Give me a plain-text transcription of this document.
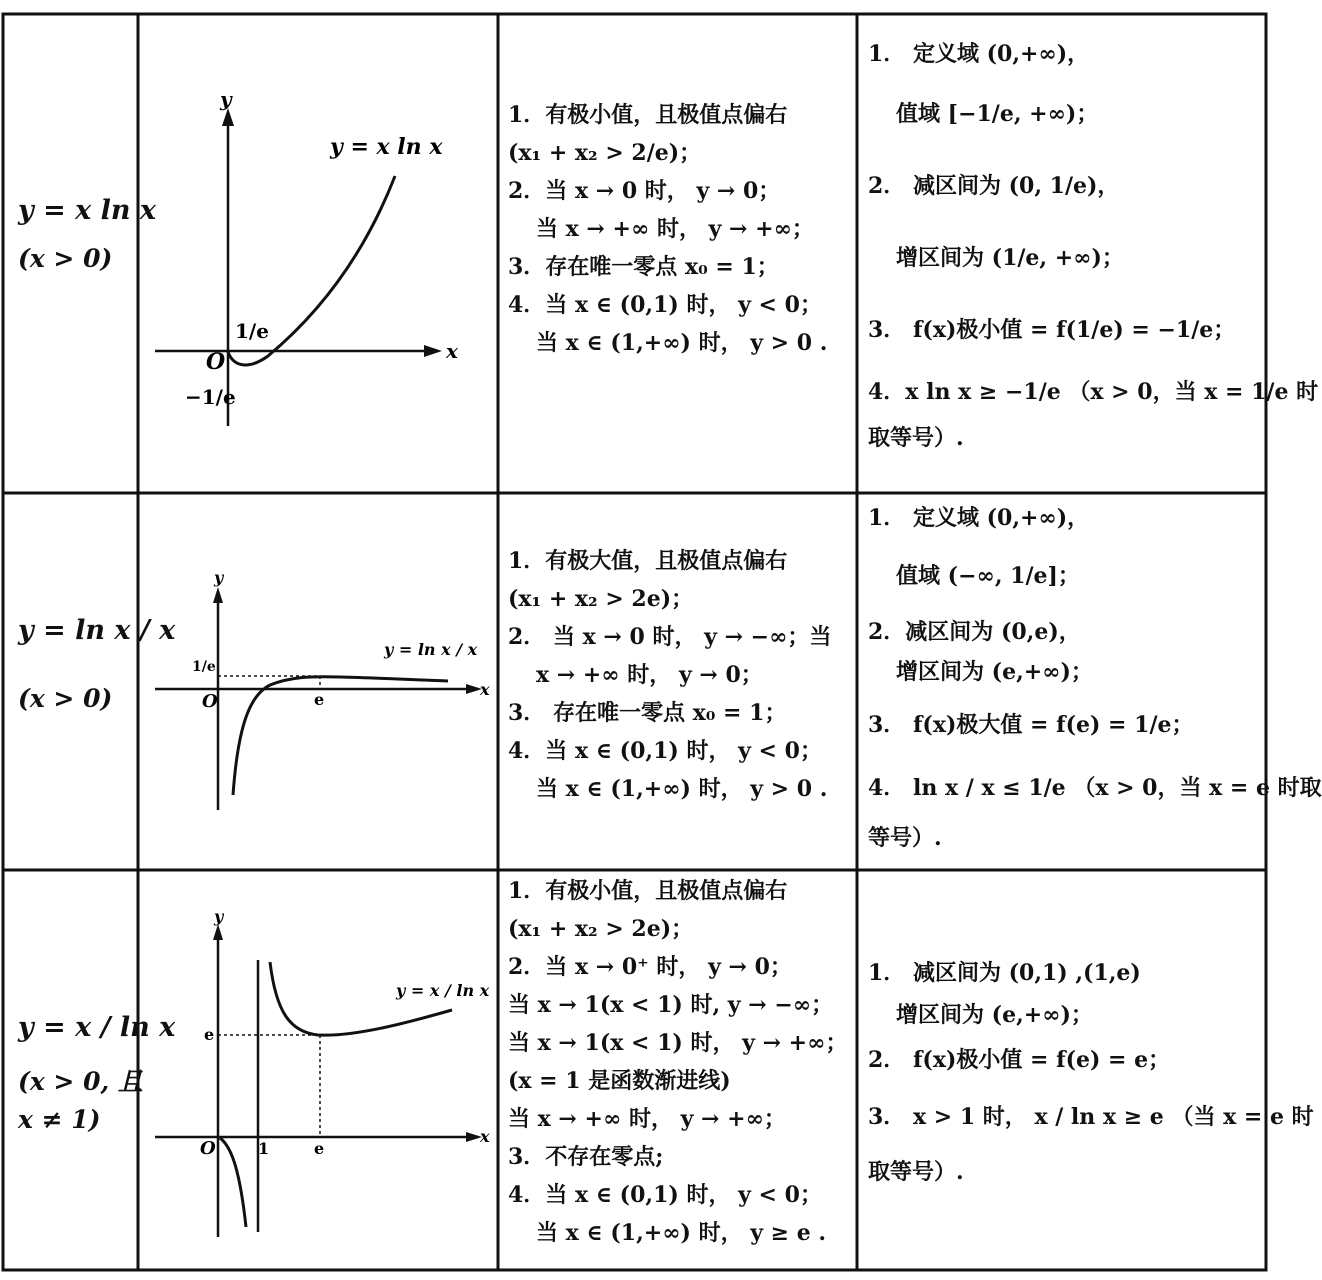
y = x ln x
(x > 0)
y
x
O
y = x ln x
1/e
−1/e
1．有极小值，且极值点偏右
(x₁ + x₂ > 2/e)；
2．当 x → 0 时， y → 0；
当 x → +∞ 时， y → +∞；
3．存在唯一零点 x₀ = 1；
4．当 x ∈ (0,1) 时， y < 0；
当 x ∈ (1,+∞) 时， y > 0 .
1． 定义域 (0,+∞)，
值域 [−1/e, +∞)；
2． 减区间为 (0, 1/e)，
增区间为 (1/e, +∞)；
3． f(x)极小值 = f(1/e) = −1/e；
4．x ln x ≥ −1/e （x > 0，当 x = 1/e 时
取等号）.
y = ln x / x
(x > 0)
y
x
O
y = ln x / x
1/e
e
1．有极大值，且极值点偏右
(x₁ + x₂ > 2e)；
2． 当 x → 0 时， y → −∞；当
x → +∞ 时， y → 0；
3． 存在唯一零点 x₀ = 1；
4．当 x ∈ (0,1) 时， y < 0；
当 x ∈ (1,+∞) 时， y > 0 .
1． 定义域 (0,+∞)，
值域 (−∞, 1/e]；
2．减区间为 (0,e)，
增区间为 (e,+∞)；
3． f(x)极大值 = f(e) = 1/e；
4． ln x / x ≤ 1/e （x > 0，当 x = e 时取
等号）.
y = x / ln x
(x > 0, 且
x ≠ 1)
y
x
O
y = x / ln x
e
1	e
1．有极小值，且极值点偏右
(x₁ + x₂ > 2e)；
2．当 x → 0⁺ 时， y → 0；
当 x → 1(x < 1) 时, y → −∞；
当 x → 1(x < 1) 时， y → +∞；
(x = 1 是函数渐进线)
当 x → +∞ 时， y → +∞；
3．不存在零点;
4．当 x ∈ (0,1) 时， y < 0；
当 x ∈ (1,+∞) 时， y ≥ e .
1． 减区间为 (0,1) ,(1,e)
增区间为 (e,+∞)；
2． f(x)极小值 = f(e) = e；
3． x > 1 时， x / ln x ≥ e （当 x = e 时
取等号）.
